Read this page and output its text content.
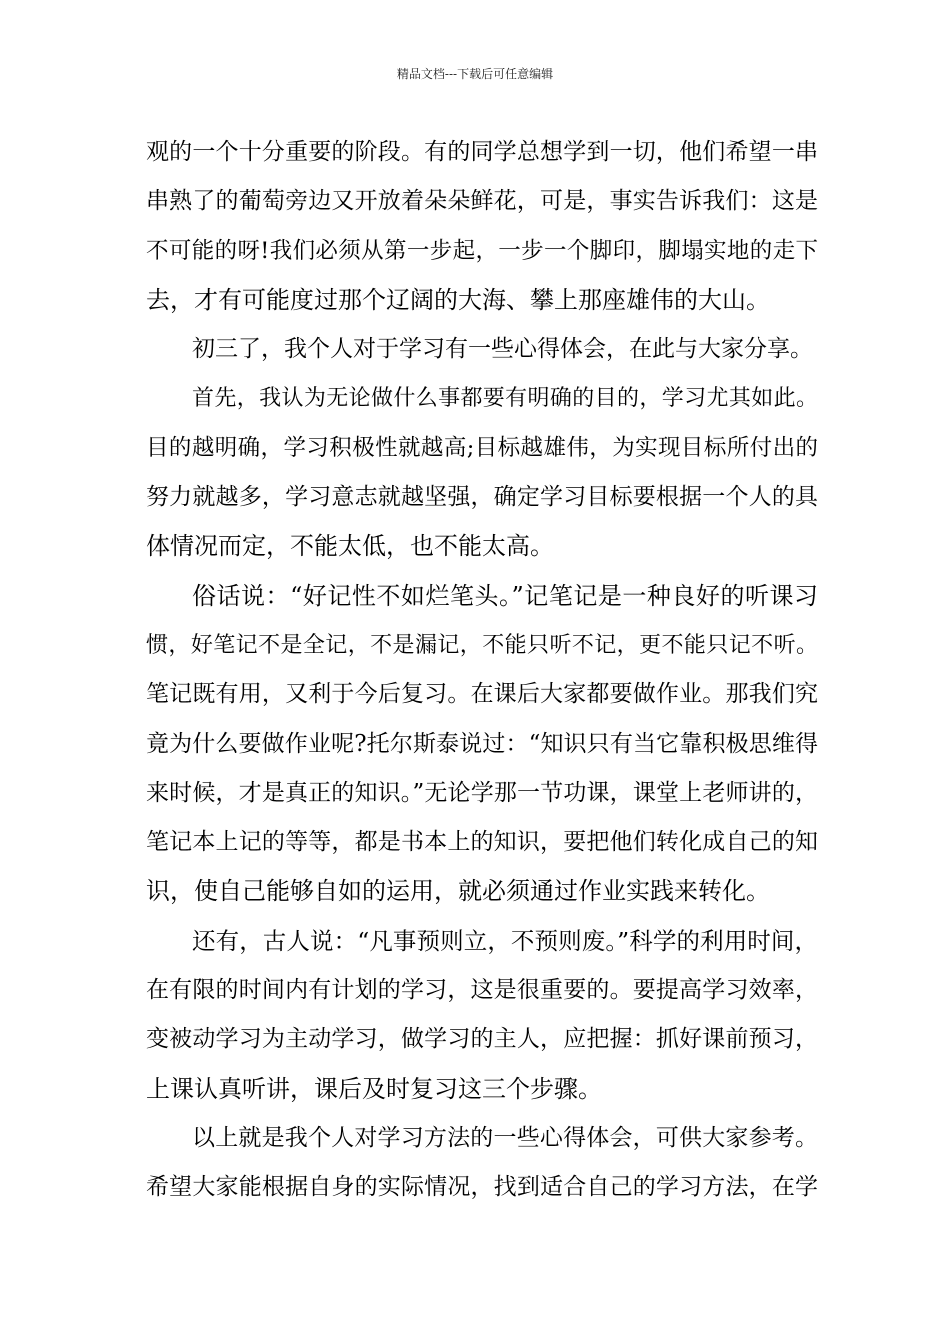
精品文档---下载后可任意编辑
观的一个十分重要的阶段。有的同学总想学到一切，他们希望一串
串熟了的葡萄旁边又开放着朵朵鲜花，可是，事实告诉我们：这是
不可能的呀!我们必须从第一步起，一步一个脚印，脚塌实地的走下
去，才有可能度过那个辽阔的大海、攀上那座雄伟的大山。
初三了，我个人对于学习有一些心得体会，在此与大家分享。
首先，我认为无论做什么事都要有明确的目的，学习尤其如此。
目的越明确，学习积极性就越高;目标越雄伟，为实现目标所付出的
努力就越多，学习意志就越坚强，确定学习目标要根据一个人的具
体情况而定，不能太低，也不能太高。
俗话说：“好记性不如烂笔头。”记笔记是一种良好的听课习
惯，好笔记不是全记，不是漏记，不能只听不记，更不能只记不听。
笔记既有用，又利于今后复习。在课后大家都要做作业。那我们究
竟为什么要做作业呢?托尔斯泰说过：“知识只有当它靠积极思维得
来时候，才是真正的知识。”无论学那一节功课，课堂上老师讲的，
笔记本上记的等等，都是书本上的知识，要把他们转化成自己的知
识，使自己能够自如的运用，就必须通过作业实践来转化。
还有，古人说：“凡事预则立，不预则废。”科学的利用时间，
在有限的时间内有计划的学习，这是很重要的。要提高学习效率，
变被动学习为主动学习，做学习的主人，应把握：抓好课前预习，
上课认真听讲，课后及时复习这三个步骤。
以上就是我个人对学习方法的一些心得体会，可供大家参考。
希望大家能根据自身的实际情况，找到适合自己的学习方法，在学
